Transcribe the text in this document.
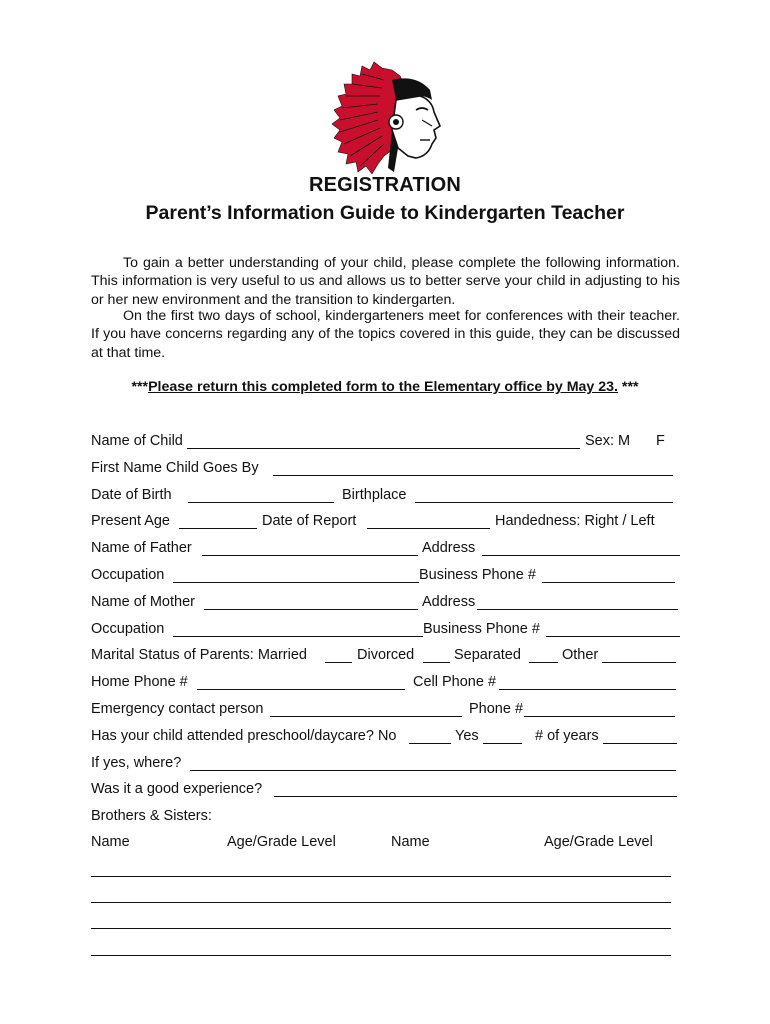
REGISTRATION
Parent’s Information Guide to Kindergarten Teacher

To gain a better understanding of your child, please complete the following information. This information is very useful to us and allows us to better serve your child in adjusting to his or her new environment and the transition to kindergarten.

On the first two days of school, kindergarteners meet for conferences with their teacher. If you have concerns regarding any of the topics covered in this guide, they can be discussed at that time.

***Please return this completed form to the Elementary office by May 23. ***
Name of Child	Sex: M F
First Name Child Goes By
Date of Birth	Birthplace
Present Age	Date of Report	Handedness: Right / Left
Name of Father	Address
Occupation	Business Phone #
Name of Mother	Address
Occupation	Business Phone #
Marital Status of Parents: Married	Divorced	Separated	Other
Home Phone #	Cell Phone #
Emergency contact person	Phone #
Has your child attended preschool/daycare? No	Yes	# of years
If yes, where?
Was it a good experience?
Brothers & Sisters:
Name	Age/Grade Level	Name	Age/Grade Level
